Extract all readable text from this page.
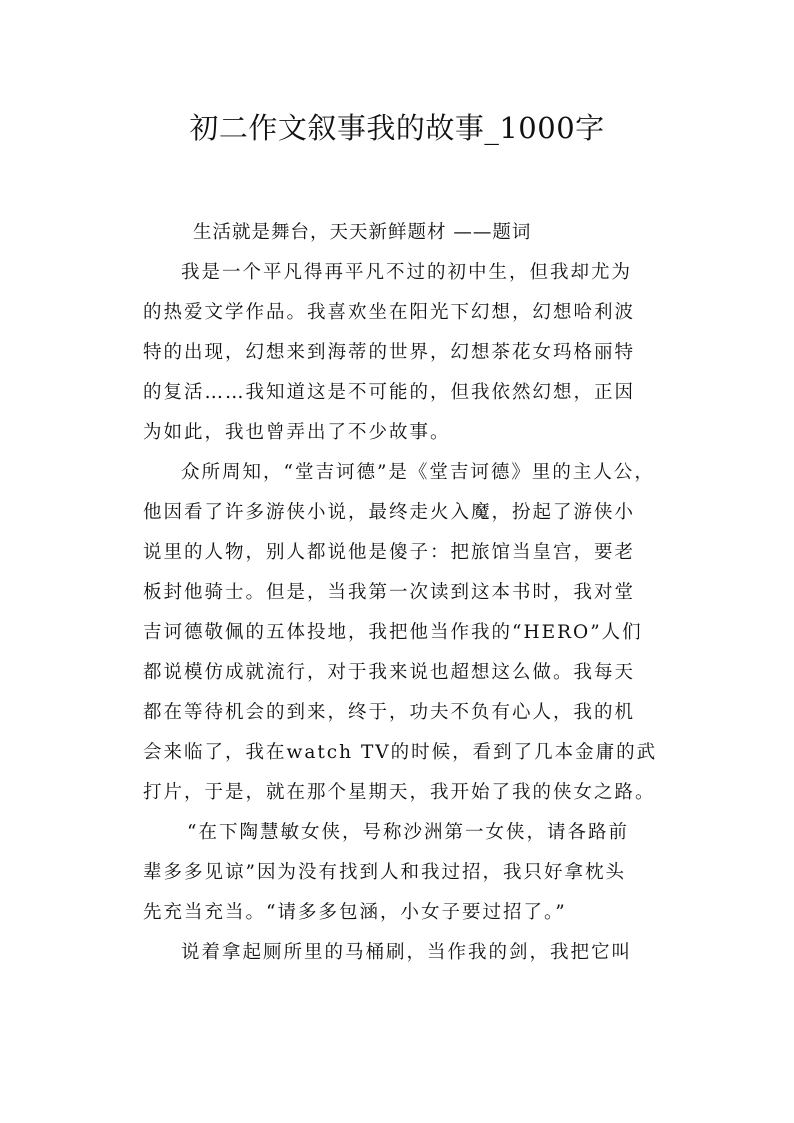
初二作文叙事我的故事_1000字
生活就是舞台，天天新鲜题材 ——题词
我是一个平凡得再平凡不过的初中生，但我却尤为
的热爱文学作品。我喜欢坐在阳光下幻想，幻想哈利波
特的出现，幻想来到海蒂的世界，幻想茶花女玛格丽特
的复活……我知道这是不可能的，但我依然幻想，正因
为如此，我也曾弄出了不少故事。
众所周知，“堂吉诃德”是《堂吉诃德》里的主人公，
他因看了许多游侠小说，最终走火入魔，扮起了游侠小
说里的人物，别人都说他是傻子：把旅馆当皇宫，要老
板封他骑士。但是，当我第一次读到这本书时，我对堂
吉诃德敬佩的五体投地，我把他当作我的“HERO”人们
都说模仿成就流行，对于我来说也超想这么做。我每天
都在等待机会的到来，终于，功夫不负有心人，我的机
会来临了，我在watch TV的时候，看到了几本金庸的武
打片，于是，就在那个星期天，我开始了我的侠女之路。
“在下陶慧敏女侠，号称沙洲第一女侠，请各路前
辈多多见谅”因为没有找到人和我过招，我只好拿枕头
先充当充当。“请多多包涵，小女子要过招了。”
说着拿起厕所里的马桶刷，当作我的剑，我把它叫
